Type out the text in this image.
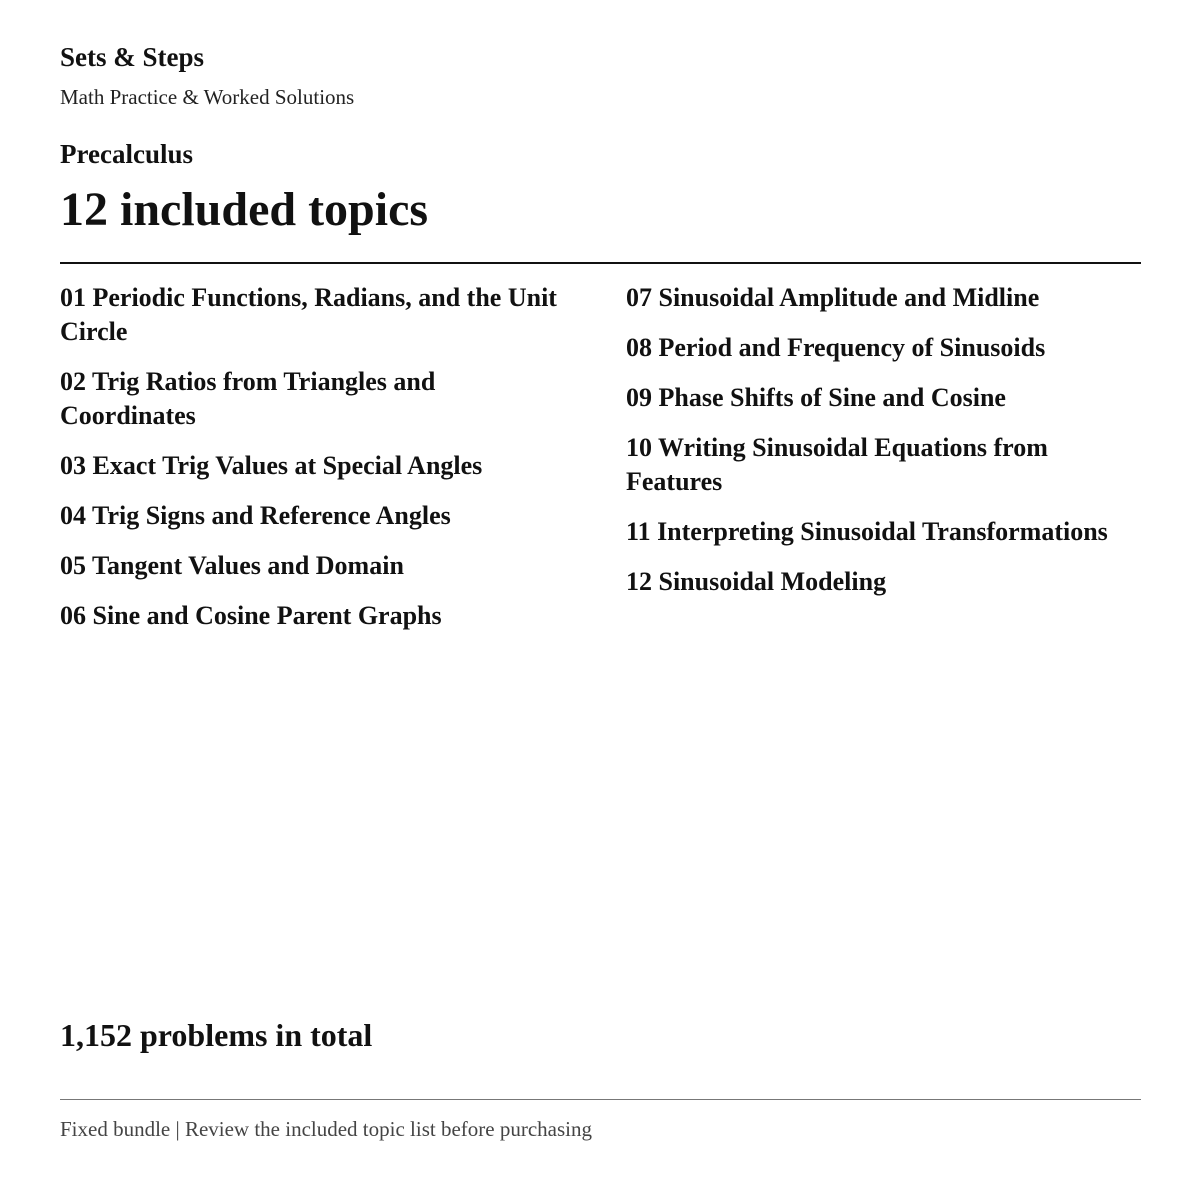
Sets & Steps
Math Practice & Worked Solutions
Precalculus
12 included topics
01 Periodic Functions, Radians, and the Unit Circle
02 Trig Ratios from Triangles and Coordinates
03 Exact Trig Values at Special Angles
04 Trig Signs and Reference Angles
05 Tangent Values and Domain
06 Sine and Cosine Parent Graphs
07 Sinusoidal Amplitude and Midline
08 Period and Frequency of Sinusoids
09 Phase Shifts of Sine and Cosine
10 Writing Sinusoidal Equations from Features
11 Interpreting Sinusoidal Transformations
12 Sinusoidal Modeling
1,152 problems in total
Fixed bundle | Review the included topic list before purchasing
